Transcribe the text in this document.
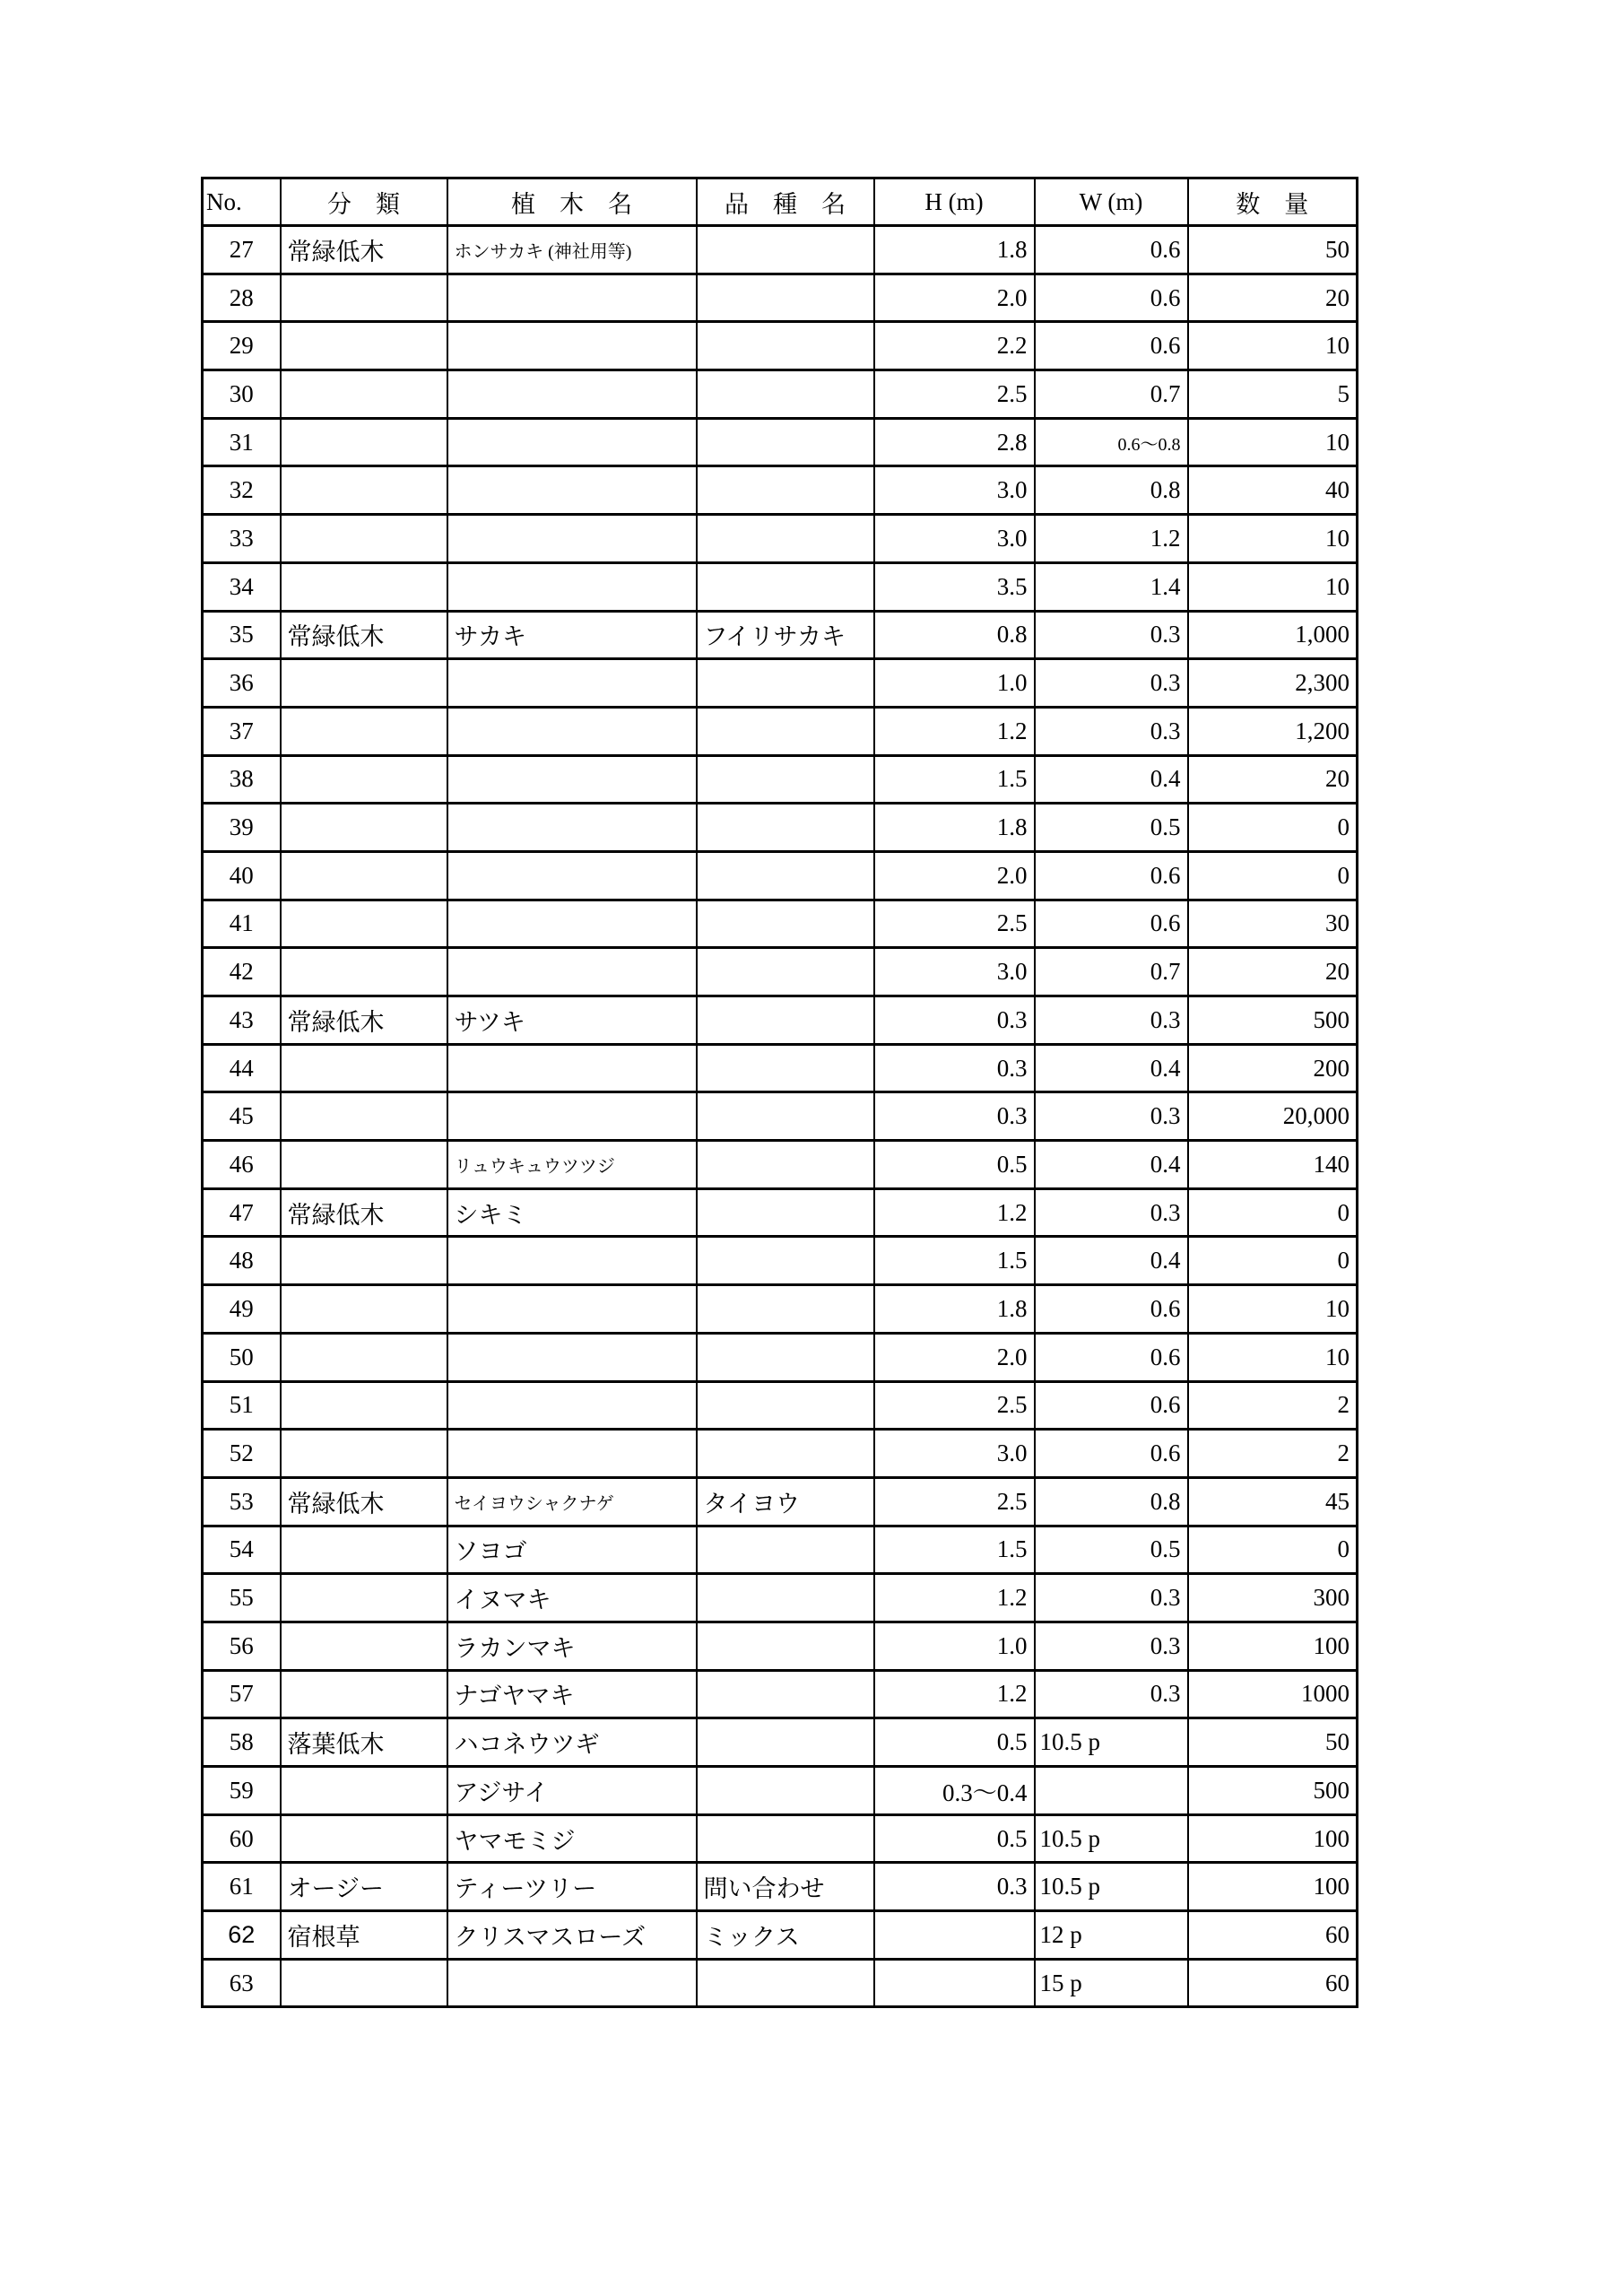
No.	分　類	植　木　名	品　種　名	H (m)	W (m)	数　量
27	常緑低木	ホンサカキ (神社用等)		1.8	0.6	50
28				2.0	0.6	20
29				2.2	0.6	10
30				2.5	0.7	5
31				2.8	0.6〜0.8	10
32				3.0	0.8	40
33				3.0	1.2	10
34				3.5	1.4	10
35	常緑低木	サカキ	フイリサカキ	0.8	0.3	1,000
36				1.0	0.3	2,300
37				1.2	0.3	1,200
38				1.5	0.4	20
39				1.8	0.5	0
40				2.0	0.6	0
41				2.5	0.6	30
42				3.0	0.7	20
43	常緑低木	サツキ		0.3	0.3	500
44				0.3	0.4	200
45				0.3	0.3	20,000
46		リュウキュウツツジ		0.5	0.4	140
47	常緑低木	シキミ		1.2	0.3	0
48				1.5	0.4	0
49				1.8	0.6	10
50				2.0	0.6	10
51				2.5	0.6	2
52				3.0	0.6	2
53	常緑低木	セイヨウシャクナゲ	タイヨウ	2.5	0.8	45
54		ソヨゴ		1.5	0.5	0
55		イヌマキ		1.2	0.3	300
56		ラカンマキ		1.0	0.3	100
57		ナゴヤマキ		1.2	0.3	1000
58	落葉低木	ハコネウツギ		0.5	10.5 p	50
59		アジサイ		0.3〜0.4		500
60		ヤマモミジ		0.5	10.5 p	100
61	オージー	ティーツリー	問い合わせ	0.3	10.5 p	100
62	宿根草	クリスマスローズ	ミックス		12 p	60
63					15 p	60
